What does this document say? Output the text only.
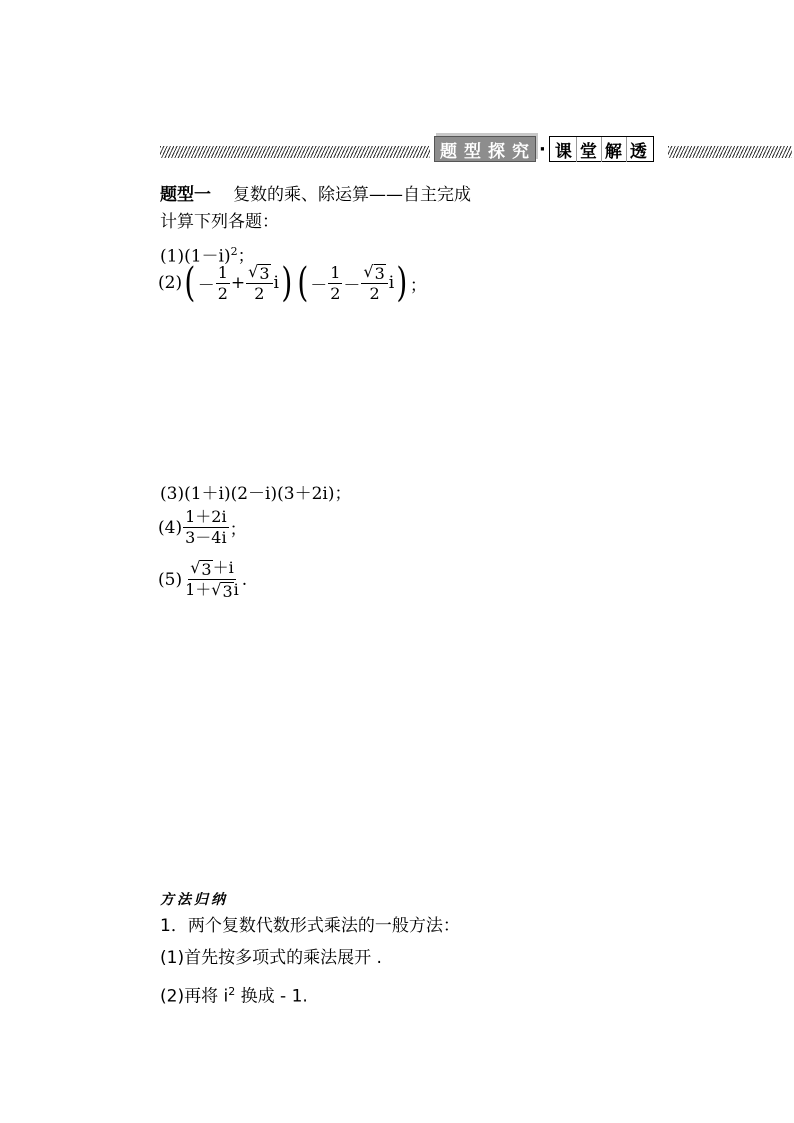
题 型 探 究 · 课 堂 解 透
题型一 复数的乘、除运算——自主完成
计算下列各题：
$(1)(1-i)^2$；
(2) ( － $\frac{1}{2} + \frac{√ 3}{2}$ i ) ( － $\frac{1}{2} - \frac{√ 3}{2}$ i ) ；
(3)(1＋i)(2－i)(3＋2i)；
$(4) \frac{1+2i}{3-4i}$ ；
$(5) \frac{√ 3 +i}{1+ √ 3 i}$ .
方法归纳
1．两个复数代数形式乘法的一般方法：
(1)首先按多项式的乘法展开 .
(2)再将 $i^2$ 换成 - 1.
